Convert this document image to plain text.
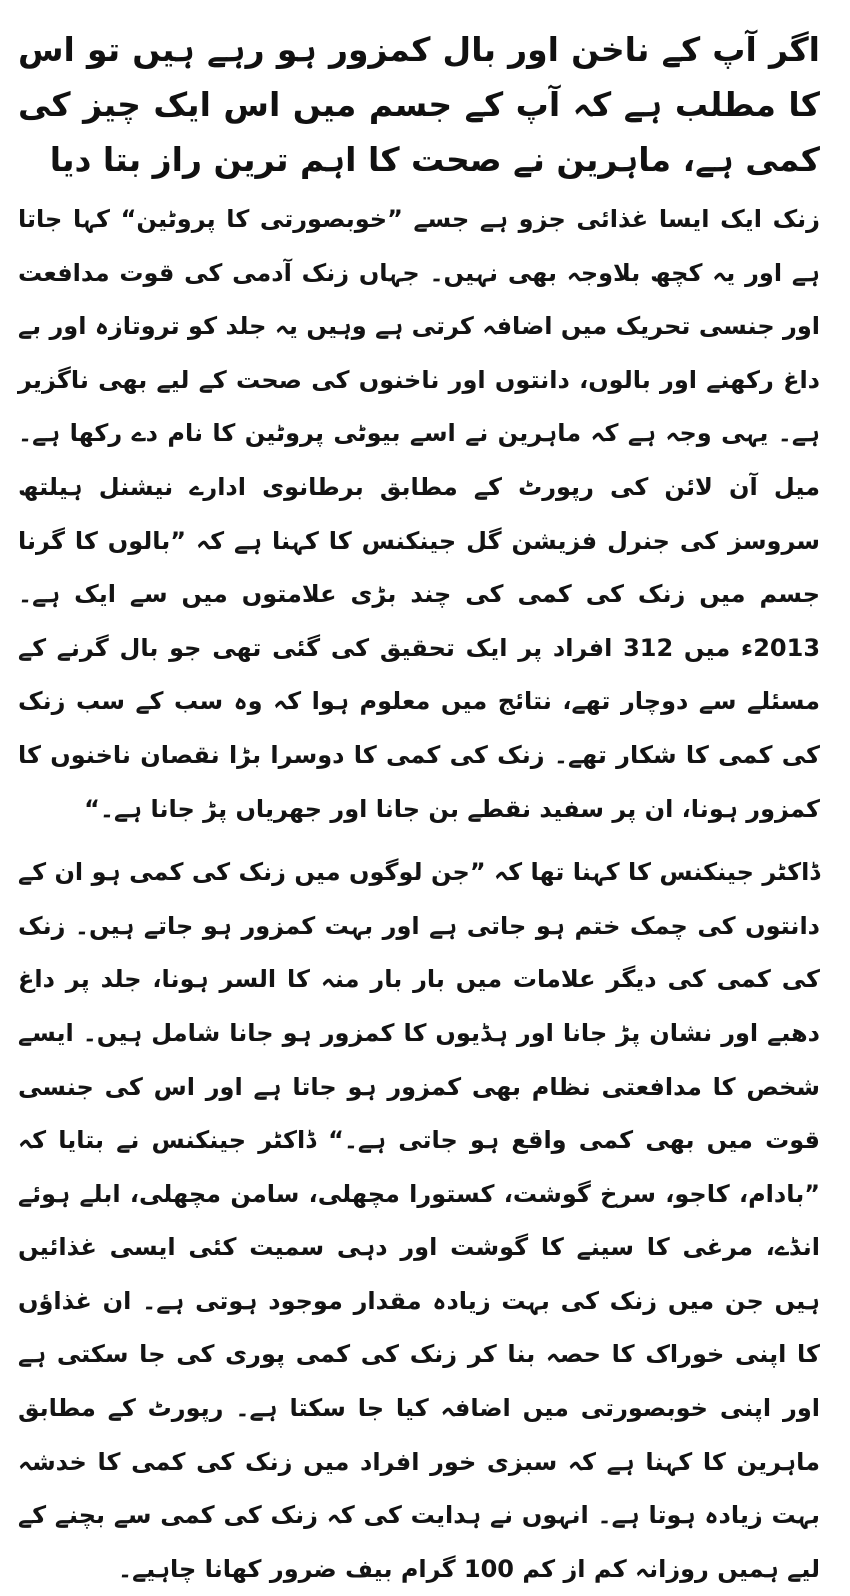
اگر آپ کے ناخن اور بال کمزور ہو رہے ہیں تو اس کا مطلب ہے کہ آپ کے جسم میں اس ایک چیز کی کمی ہے، ماہرین نے صحت کا اہم ترین راز بتا دیا

زنک ایک ایسا غذائی جزو ہے جسے ”خوبصورتی کا پروٹین“ کہا جاتا ہے اور یہ کچھ بلاوجہ بھی نہیں۔ جہاں زنک آدمی کی قوت مدافعت اور جنسی تحریک میں اضافہ کرتی ہے وہیں یہ جلد کو تروتازہ اور بے داغ رکھنے اور بالوں، دانتوں اور ناخنوں کی صحت کے لیے بھی ناگزیر ہے۔ یہی وجہ ہے کہ ماہرین نے اسے بیوٹی پروٹین کا نام دے رکھا ہے۔ میل آن لائن کی رپورٹ کے مطابق برطانوی ادارے نیشنل ہیلتھ سروسز کی جنرل فزیشن گل جینکنس کا کہنا ہے کہ ”بالوں کا گرنا جسم میں زنک کی کمی کی چند بڑی علامتوں میں سے ایک ہے۔ 2013ء میں 312 افراد پر ایک تحقیق کی گئی تھی جو بال گرنے کے مسئلے سے دوچار تھے، نتائج میں معلوم ہوا کہ وہ سب کے سب زنک کی کمی کا شکار تھے۔ زنک کی کمی کا دوسرا بڑا نقصان ناخنوں کا کمزور ہونا، ان پر سفید نقطے بن جانا اور جھریاں پڑ جانا ہے۔“

ڈاکٹر جینکنس کا کہنا تھا کہ ”جن لوگوں میں زنک کی کمی ہو ان کے دانتوں کی چمک ختم ہو جاتی ہے اور بہت کمزور ہو جاتے ہیں۔ زنک کی کمی کی دیگر علامات میں بار بار منہ کا السر ہونا، جلد پر داغ دھبے اور نشان پڑ جانا اور ہڈیوں کا کمزور ہو جانا شامل ہیں۔ ایسے شخص کا مدافعتی نظام بھی کمزور ہو جاتا ہے اور اس کی جنسی قوت میں بھی کمی واقع ہو جاتی ہے۔“ ڈاکٹر جینکنس نے بتایا کہ ”بادام، کاجو، سرخ گوشت، کستورا مچھلی، سامن مچھلی، ابلے ہوئے انڈے، مرغی کا سینے کا گوشت اور دہی سمیت کئی ایسی غذائیں ہیں جن میں زنک کی بہت زیادہ مقدار موجود ہوتی ہے۔ ان غذاؤں کا اپنی خوراک کا حصہ بنا کر زنک کی کمی پوری کی جا سکتی ہے اور اپنی خوبصورتی میں اضافہ کیا جا سکتا ہے۔ رپورٹ کے مطابق ماہرین کا کہنا ہے کہ سبزی خور افراد میں زنک کی کمی کا خدشہ بہت زیادہ ہوتا ہے۔ انہوں نے ہدایت کی کہ زنک کی کمی سے بچنے کے لیے ہمیں روزانہ کم از کم 100 گرام بیف ضرور کھانا چاہیے۔
